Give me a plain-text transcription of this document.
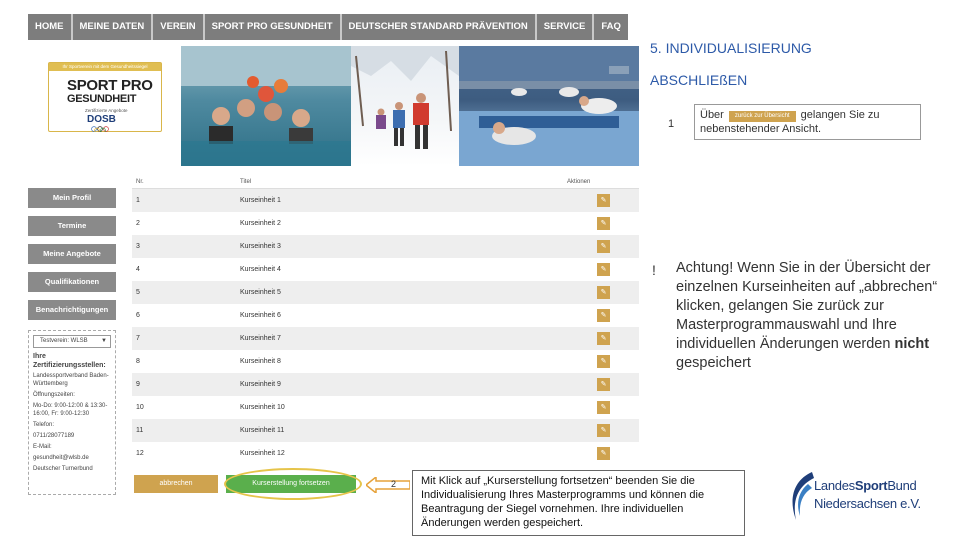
HOME	MEINE DATEN	VEREIN	SPORT PRO GESUNDHEIT	DEUTSCHER STANDARD PRÄVENTION	SERVICE	FAQ
Ihr Sportverein mit dem Gesundheitssiegel
SPORT PRO
GESUNDHEIT
Zertifizierte Angebote
DOSB
5. INDIVIDUALISIERUNG
ABSCHLIEßEN
1
Über zurück zur Übersicht gelangen Sie zu nebenstehender Ansicht.
! Achtung! Wenn Sie in der Übersicht der einzelnen Kurseinheiten auf „abbrechen“ klicken, gelangen Sie zurück zur Masterprogrammauswahl und Ihre individuellen Änderungen werden nicht gespeichert
Mein Profil
Termine
Meine Angebote
Qualifikationen
Benachrichtigungen
Testverein: WLSB ▼
Ihre Zertifizierungsstellen:
Landessportverband Baden-Württemberg
Öffnungszeiten:
Mo-Do: 9:00-12:00 & 13:30-16:00, Fr: 9:00-12:30
Telefon:
0711/28077189
E-Mail:
gesundheit@wlsb.de
Deutscher Turnerbund
Nr.	Titel	Aktionen
1	Kurseinheit 1	✎
2	Kurseinheit 2	✎
3	Kurseinheit 3	✎
4	Kurseinheit 4	✎
5	Kurseinheit 5	✎
6	Kurseinheit 6	✎
7	Kurseinheit 7	✎
8	Kurseinheit 8	✎
9	Kurseinheit 9	✎
10	Kurseinheit 10	✎
11	Kurseinheit 11	✎
12	Kurseinheit 12	✎
abbrechen	Kurserstellung fortsetzen	2	Mit Klick auf „Kurserstellung fortsetzen“ beenden Sie die Individualisierung Ihres Masterprogramms und können die Beantragung der Siegel vornehmen. Ihre individuellen Änderungen werden gespeichert.
LandesSportBund
Niedersachsen e.V.
